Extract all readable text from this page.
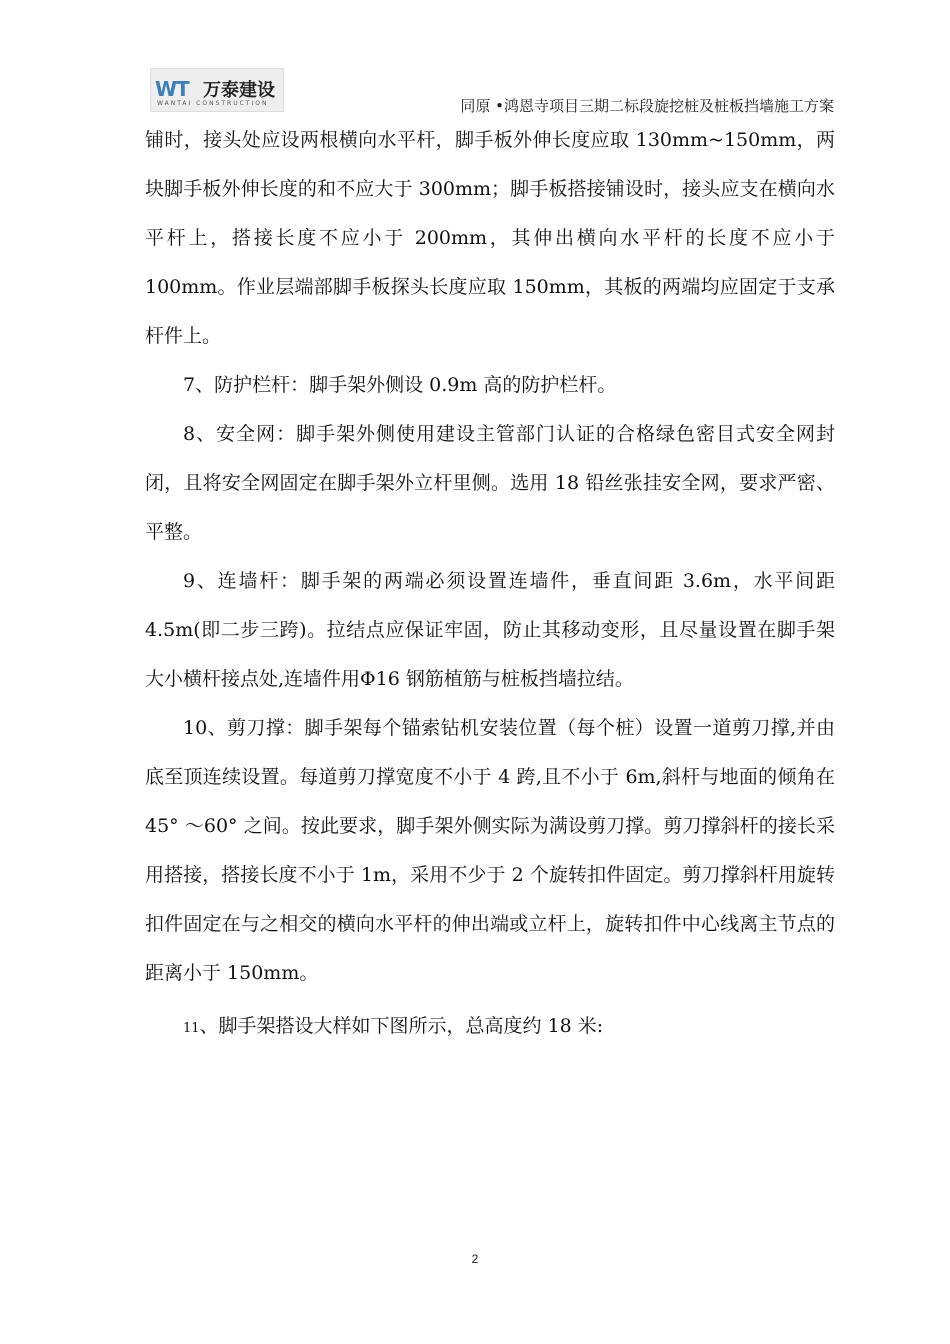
WT 万泰建设
WANTAI CONSTRUCTION	同原 •鸿恩寺项目三期二标段旋挖桩及桩板挡墙施工方案

铺时，接头处应设两根横向水平杆，脚手板外伸长度应取 130mm~150mm，两块脚手板外伸长度的和不应大于 300mm；脚手板搭接铺设时，接头应支在横向水平杆上，搭接长度不应小于 200mm，其伸出横向水平杆的长度不应小于 100mm。作业层端部脚手板探头长度应取 150mm，其板的两端均应固定于支承杆件上。

7、防护栏杆：脚手架外侧设 0.9m 高的防护栏杆。

8、安全网：脚手架外侧使用建设主管部门认证的合格绿色密目式安全网封闭，且将安全网固定在脚手架外立杆里侧。选用 18 铅丝张挂安全网，要求严密、平整。

9、连墙杆：脚手架的两端必须设置连墙件，垂直间距 3.6m，水平间距 4.5m(即二步三跨)。拉结点应保证牢固，防止其移动变形，且尽量设置在脚手架大小横杆接点处,连墙件用Φ16 钢筋植筋与桩板挡墙拉结。

10、剪刀撑：脚手架每个锚索钻机安装位置（每个桩）设置一道剪刀撑,并由底至顶连续设置。每道剪刀撑宽度不小于 4 跨,且不小于 6m,斜杆与地面的倾角在 45° ～60° 之间。按此要求，脚手架外侧实际为满设剪刀撑。剪刀撑斜杆的接长采用搭接，搭接长度不小于 1m，采用不少于 2 个旋转扣件固定。剪刀撑斜杆用旋转扣件固定在与之相交的横向水平杆的伸出端或立杆上，旋转扣件中心线离主节点的距离小于 150mm。

11、脚手架搭设大样如下图所示，总高度约 18 米:

2
